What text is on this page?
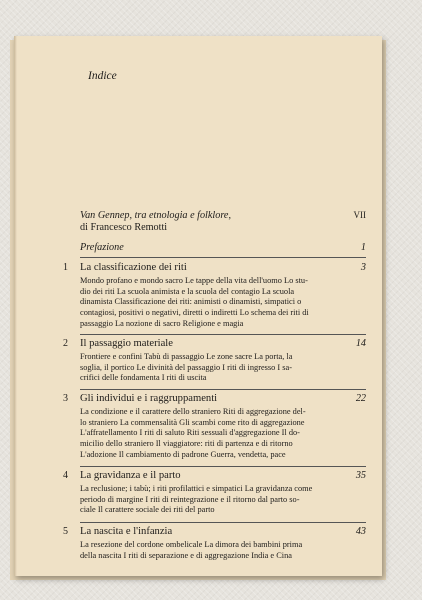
Indice
Van Gennep, tra etnologia e folklore,	VII
di Francesco Remotti
Prefazione	1
1 La classificazione dei riti	3
Mondo profano e mondo sacro Le tappe della vita dell'uomo Lo stu-
dio dei riti La scuola animista e la scuola del contagio La scuola
dinamista Classificazione dei riti: animisti o dinamisti, simpatici o
contagiosi, positivi o negativi, diretti o indiretti Lo schema dei riti di
passaggio La nozione di sacro Religione e magia
2 Il passaggio materiale	14
Frontiere e confini Tabù di passaggio Le zone sacre La porta, la
soglia, il portico Le divinità del passaggio I riti di ingresso I sa-
crifici delle fondamenta I riti di uscita
3 Gli individui e i raggruppamenti	22
La condizione e il carattere dello straniero Riti di aggregazione del-
lo straniero La commensalità Gli scambi come rito di aggregazione
L'affratellamento I riti di saluto Riti sessuali d'aggregazione Il do-
micilio dello straniero Il viaggiatore: riti di partenza e di ritorno
L'adozione Il cambiamento di padrone Guerra, vendetta, pace
4 La gravidanza e il parto	35
La reclusione; i tabù; i riti profilattici e simpatici La gravidanza come
periodo di margine I riti di reintegrazione e il ritorno dal parto so-
ciale Il carattere sociale dei riti del parto
5 La nascita e l'infanzia	43
La resezione del cordone ombelicale La dimora dei bambini prima
della nascita I riti di separazione e di aggregazione India e Cina
